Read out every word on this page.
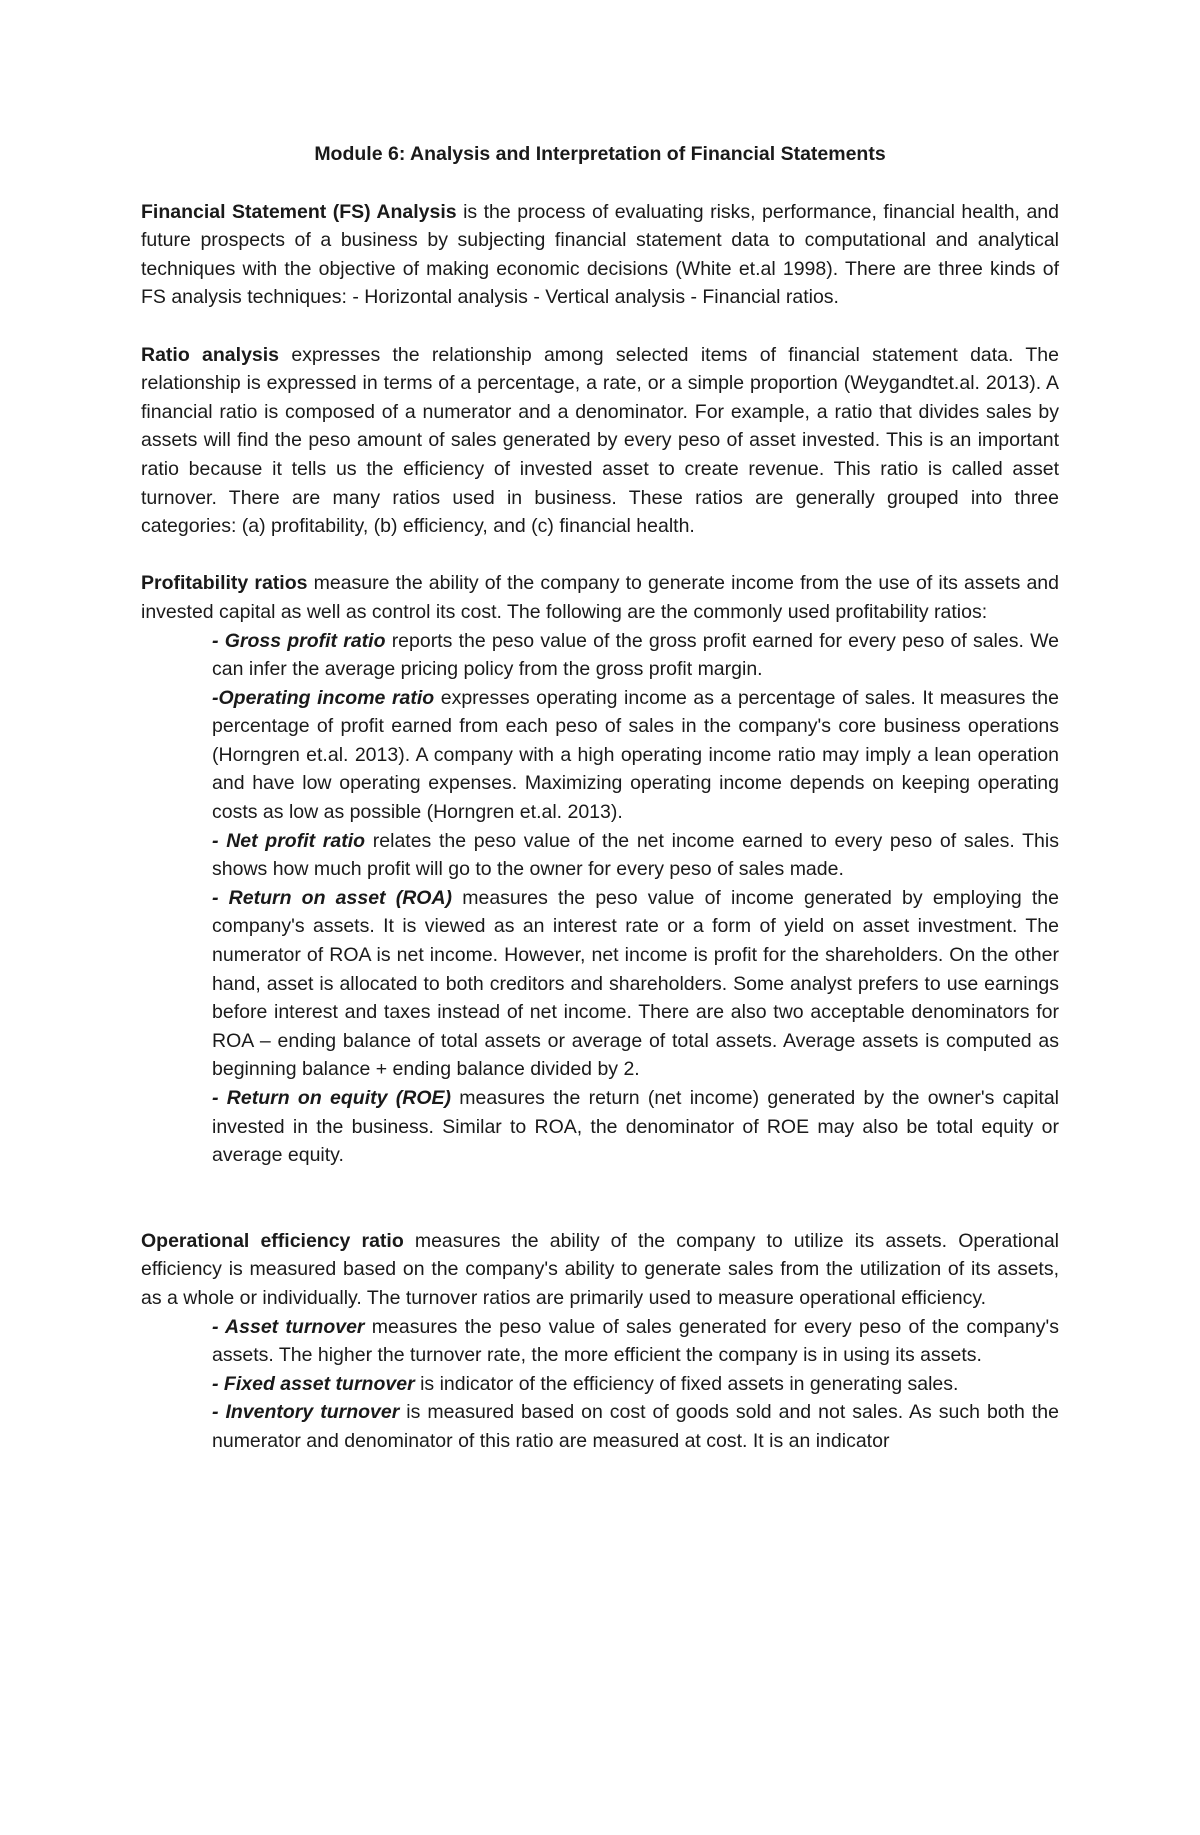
Module 6: Analysis and Interpretation of Financial Statements

Financial Statement (FS) Analysis is the process of evaluating risks, performance, financial health, and future prospects of a business by subjecting financial statement data to computational and analytical techniques with the objective of making economic decisions (White et.al 1998). There are three kinds of FS analysis techniques: - Horizontal analysis - Vertical analysis - Financial ratios.

Ratio analysis expresses the relationship among selected items of financial statement data. The relationship is expressed in terms of a percentage, a rate, or a simple proportion (Weygandtet.al. 2013). A financial ratio is composed of a numerator and a denominator. For example, a ratio that divides sales by assets will find the peso amount of sales generated by every peso of asset invested. This is an important ratio because it tells us the efficiency of invested asset to create revenue. This ratio is called asset turnover. There are many ratios used in business. These ratios are generally grouped into three categories: (a) profitability, (b) efficiency, and (c) financial health.

Profitability ratios measure the ability of the company to generate income from the use of its assets and invested capital as well as control its cost. The following are the commonly used profitability ratios:

- Gross profit ratio reports the peso value of the gross profit earned for every peso of sales. We can infer the average pricing policy from the gross profit margin.

-Operating income ratio expresses operating income as a percentage of sales. It measures the percentage of profit earned from each peso of sales in the company's core business operations (Horngren et.al. 2013). A company with a high operating income ratio may imply a lean operation and have low operating expenses. Maximizing operating income depends on keeping operating costs as low as possible (Horngren et.al. 2013).

- Net profit ratio relates the peso value of the net income earned to every peso of sales. This shows how much profit will go to the owner for every peso of sales made.

- Return on asset (ROA) measures the peso value of income generated by employing the company's assets. It is viewed as an interest rate or a form of yield on asset investment. The numerator of ROA is net income. However, net income is profit for the shareholders. On the other hand, asset is allocated to both creditors and shareholders. Some analyst prefers to use earnings before interest and taxes instead of net income. There are also two acceptable denominators for ROA – ending balance of total assets or average of total assets. Average assets is computed as beginning balance + ending balance divided by 2.

- Return on equity (ROE) measures the return (net income) generated by the owner's capital invested in the business. Similar to ROA, the denominator of ROE may also be total equity or average equity.

Operational efficiency ratio measures the ability of the company to utilize its assets. Operational efficiency is measured based on the company's ability to generate sales from the utilization of its assets, as a whole or individually. The turnover ratios are primarily used to measure operational efficiency.

- Asset turnover measures the peso value of sales generated for every peso of the company's assets. The higher the turnover rate, the more efficient the company is in using its assets.

- Fixed asset turnover is indicator of the efficiency of fixed assets in generating sales.

- Inventory turnover is measured based on cost of goods sold and not sales. As such both the numerator and denominator of this ratio are measured at cost. It is an indicator
